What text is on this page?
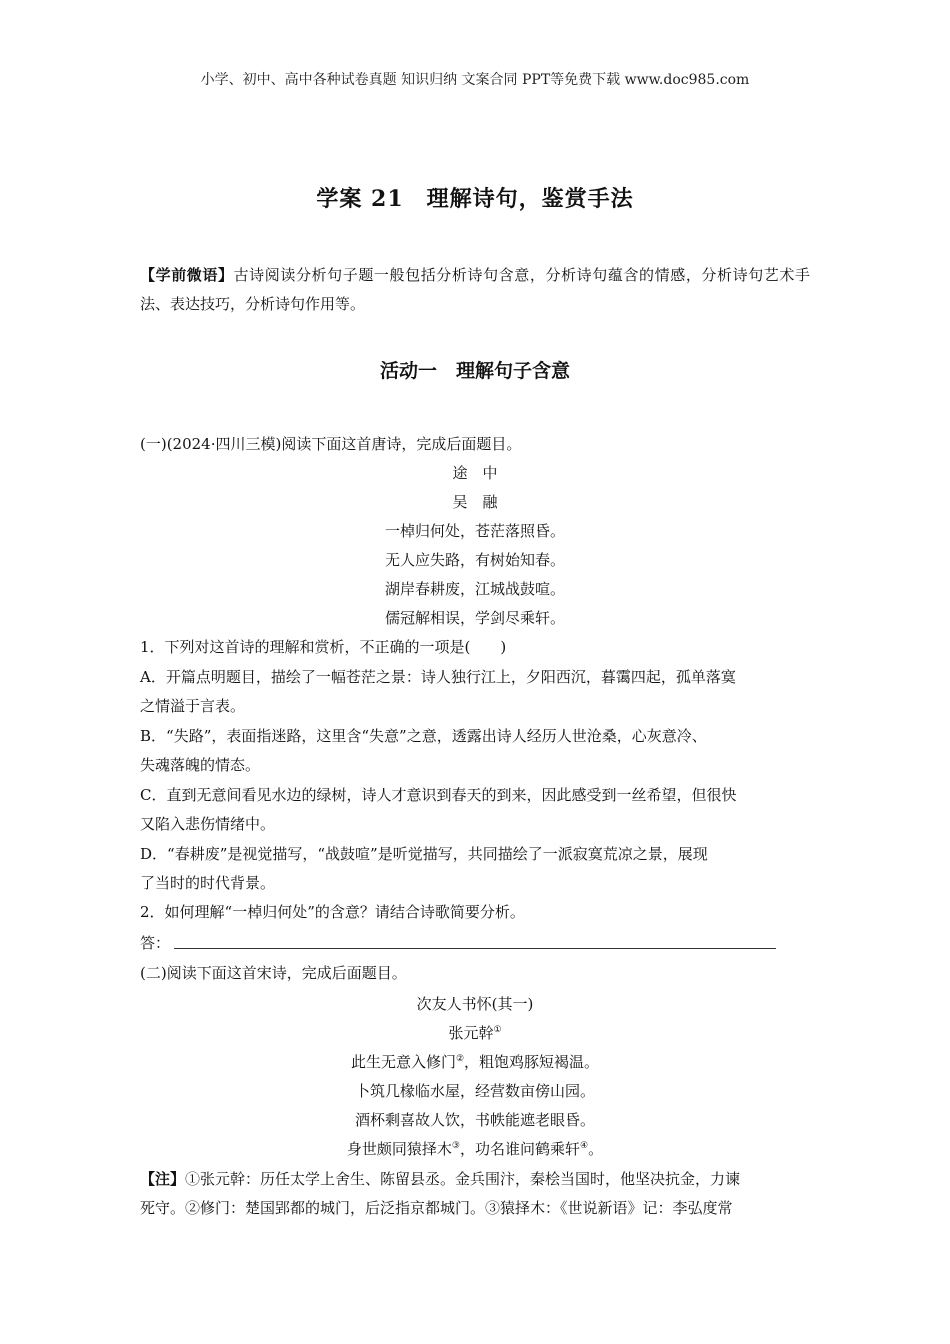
小学、初中、高中各种试卷真题 知识归纳 文案合同 PPT等免费下载 www.doc985.com
学案 21　理解诗句，鉴赏手法
【学前微语】古诗阅读分析句子题一般包括分析诗句含意，分析诗句蕴含的情感，分析诗句艺术手法、表达技巧，分析诗句作用等。
活动一　理解句子含意
(一)(2024·四川三模)阅读下面这首唐诗，完成后面题目。
途　中
吴　融
一棹归何处，苍茫落照昏。
无人应失路，有树始知春。
湖岸春耕废，江城战鼓喧。
儒冠解相误，学剑尽乘轩。
1．下列对这首诗的理解和赏析，不正确的一项是(　　)
A．开篇点明题目，描绘了一幅苍茫之景：诗人独行江上，夕阳西沉，暮霭四起，孤单落寞
之情溢于言表。
B．“失路”，表面指迷路，这里含“失意”之意，透露出诗人经历人世沧桑，心灰意冷、
失魂落魄的情态。
C．直到无意间看见水边的绿树，诗人才意识到春天的到来，因此感受到一丝希望，但很快
又陷入悲伤情绪中。
D．“春耕废”是视觉描写，“战鼓喧”是听觉描写，共同描绘了一派寂寞荒凉之景，展现
了当时的时代背景。
2．如何理解“一棹归何处”的含意？请结合诗歌简要分析。
答：
(二)阅读下面这首宋诗，完成后面题目。
次友人书怀(其一)
张元幹①
此生无意入修门②，粗饱鸡豚短褐温。
卜筑几椽临水屋，经营数亩傍山园。
酒杯剩喜故人饮，书帙能遮老眼昏。
身世颇同猿择木③，功名谁问鹤乘轩④。
【注】①张元幹：历任太学上舍生、陈留县丞。金兵围汴，秦桧当国时，他坚决抗金，力谏
死守。②修门：楚国郢都的城门，后泛指京都城门。③猿择木：《世说新语》记：李弘度常
